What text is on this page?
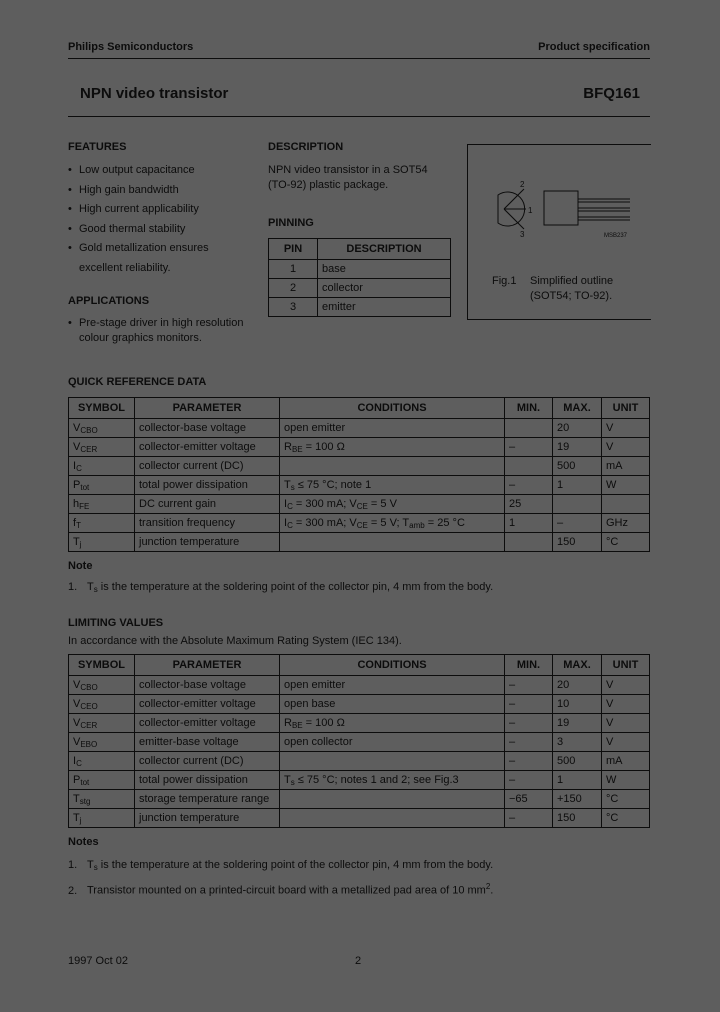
Philips Semiconductors	Product specification
NPN video transistor	BFQ161
FEATURES
• Low output capacitance
• High gain bandwidth
• High current applicability
• Good thermal stability
• Gold metallization ensures
excellent reliability.
APPLICATIONS
• Pre-stage driver in high resolution
colour graphics monitors.
DESCRIPTION
NPN video transistor in a SOT54
(TO-92) plastic package.
PINNING
PIN	DESCRIPTION
1	base
2	collector
3	emitter
2
1
3	MSB237
Fig.1 Simplified outline
(SOT54; TO-92).
QUICK REFERENCE DATA
SYMBOL	PARAMETER	CONDITIONS	MIN.	MAX.	UNIT
$V_{CBO}$	collector-base voltage	open emitter		20	V
$V_{CER}$	collector-emitter voltage	$R_{BE} = 100$ Ω	–	19	V
$I_C$	collector current (DC)			500	mA
$P_{tot}$	total power dissipation	$T_s \le 75$ °C; note 1	–	1	W
$h_{FE}$	DC current gain	$I_C = 300$ mA; $V_{CE} = 5$ V	25		
$f_T$	transition frequency	$I_C = 300$ mA; $V_{CE} = 5$ V; $T_{amb} = 25$ °C	1	–	GHz
$T_j$	junction temperature			150	°C
Note
1. $T_s$ is the temperature at the soldering point of the collector pin, 4 mm from the body.
LIMITING VALUES
In accordance with the Absolute Maximum Rating System (IEC 134).
SYMBOL	PARAMETER	CONDITIONS	MIN.	MAX.	UNIT
$V_{CBO}$	collector-base voltage	open emitter	–	20	V
$V_{CEO}$	collector-emitter voltage	open base	–	10	V
$V_{CER}$	collector-emitter voltage	$R_{BE} = 100$ Ω	–	19	V
$V_{EBO}$	emitter-base voltage	open collector	–	3	V
$I_C$	collector current (DC)		–	500	mA
$P_{tot}$	total power dissipation	$T_s \le 75$ °C; notes 1 and 2; see Fig.3	–	1	W
$T_{stg}$	storage temperature range		−65	+150	°C
$T_j$	junction temperature		–	150	°C
Notes
1. $T_s$ is the temperature at the soldering point of the collector pin, 4 mm from the body.
2. Transistor mounted on a printed-circuit board with a metallized pad area of 10 $mm^2$.
1997 Oct 02	2
